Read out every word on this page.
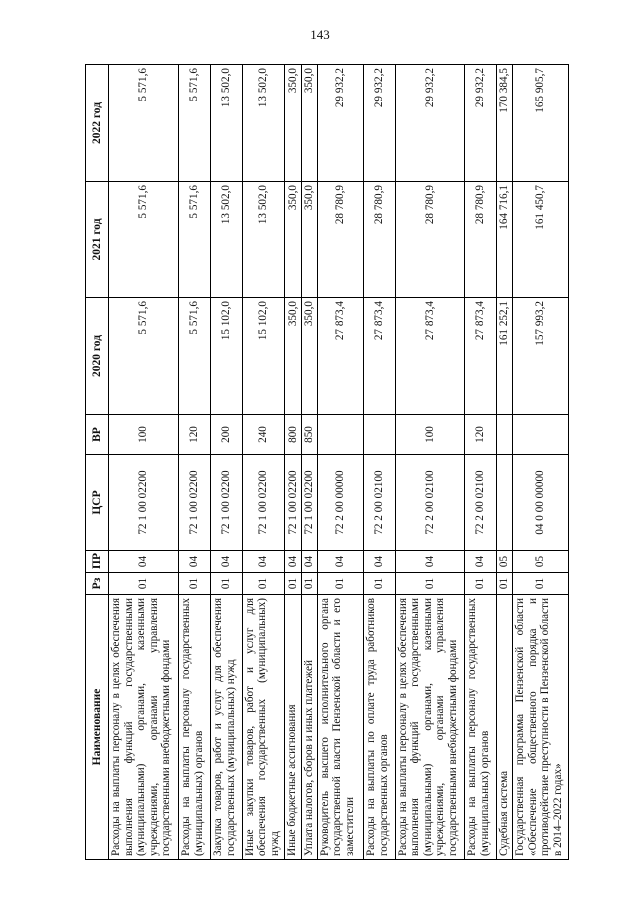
143
Наименование	Рз	ПР	ЦСР	ВР	2020 год	2021 год	2022 год
Расходы на выплаты персоналу в целях обеспечения выполнения функций государственными (муниципальными) органами, казенными учреждениями, органами управления государственными внебюджетными фондами	01	04	72 1 00 02200	100	5 571,6	5 571,6	5 571,6
Расходы на выплаты персоналу государственных (муниципальных) органов	01	04	72 1 00 02200	120	5 571,6	5 571,6	5 571,6
Закупка товаров, работ и услуг для обеспечения государственных (муниципальных) нужд	01	04	72 1 00 02200	200	15 102,0	13 502,0	13 502,0
Иные закупки товаров, работ и услуг для обеспечения государственных (муниципальных) нужд	01	04	72 1 00 02200	240	15 102,0	13 502,0	13 502,0
Иные бюджетные ассигнования	01	04	72 1 00 02200	800	350,0	350,0	350,0
Уплата налогов, сборов и иных платежей	01	04	72 1 00 02200	850	350,0	350,0	350,0
Руководитель высшего исполнительного органа государственной власти Пензенской области и его заместители	01	04	72 2 00 00000		27 873,4	28 780,9	29 932,2
Расходы на выплаты по оплате труда работников государственных органов	01	04	72 2 00 02100		27 873,4	28 780,9	29 932,2
Расходы на выплаты персоналу в целях обеспечения выполнения функций государственными (муниципальными) органами, казенными учреждениями, органами управления государственными внебюджетными фондами	01	04	72 2 00 02100	100	27 873,4	28 780,9	29 932,2
Расходы на выплаты персоналу государственных (муниципальных) органов	01	04	72 2 00 02100	120	27 873,4	28 780,9	29 932,2
Судебная система	01	05			161 252,1	164 716,1	170 384,5
Государственная программа Пензенской области «Обеспечение общественного порядка и противодействие преступности в Пензенской области в 2014–2022 годах»	01	05	04 0 00 00000		157 993,2	161 450,7	165 905,7
